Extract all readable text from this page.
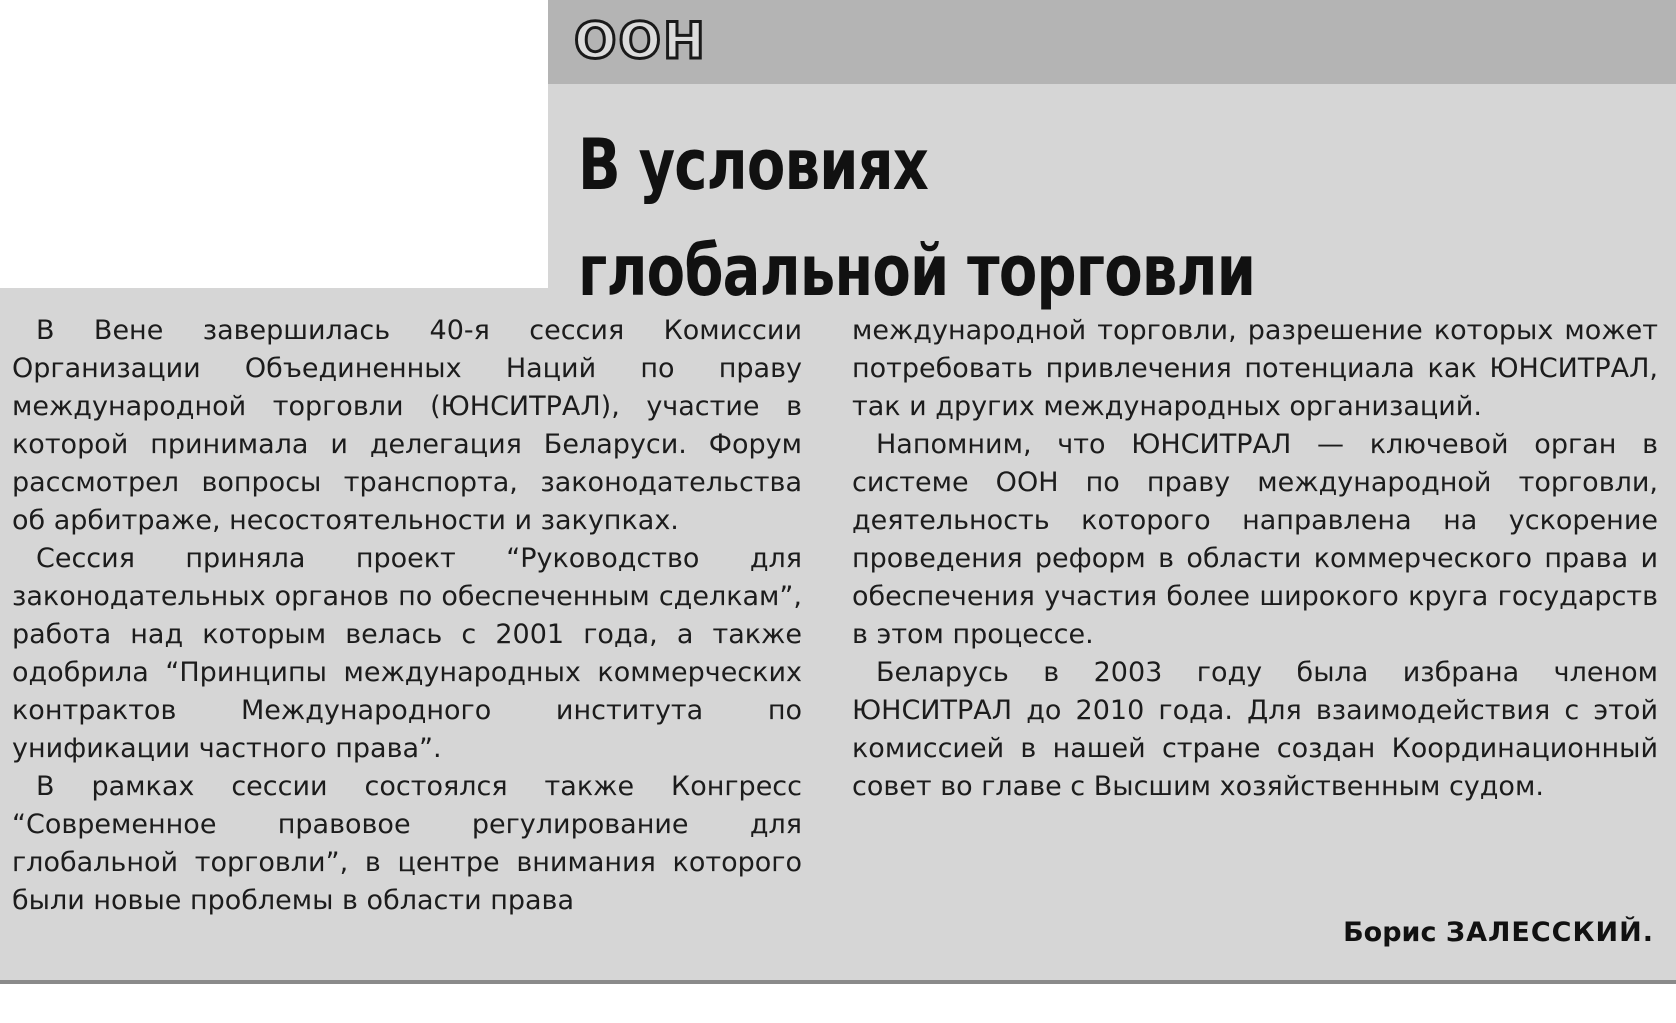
ООН
В условиях
глобальной торговли

В Вене завершилась 40-я сессия Комиссии Организации Объединенных Наций по праву международной торговли (ЮНСИТРАЛ), участие в которой принимала и делегация Беларуси. Форум рассмотрел вопросы транспорта, законодательства об арбитраже, несостоятельности и закупках.

Сессия приняла проект “Руководство для законодательных органов по обеспеченным сделкам”, работа над которым велась с 2001 года, а также одобрила “Принципы международных коммерческих контрактов Международного института по унификации частного права”.

В рамках сессии состоялся также Конгресс “Современное правовое регулирование для глобальной торговли”, в центре внимания которого были новые проблемы в области права

международной торговли, разрешение которых может потребовать привлечения потенциала как ЮНСИТРАЛ, так и других международных организаций.

Напомним, что ЮНСИТРАЛ — ключевой орган в системе ООН по праву международной торговли, деятельность которого направлена на ускорение проведения реформ в области коммерческого права и обеспечения участия более широкого круга государств в этом процессе.

Беларусь в 2003 году была избрана членом ЮНСИТРАЛ до 2010 года. Для взаимодействия с этой комиссией в нашей стране создан Координационный совет во главе с Высшим хозяйственным судом.

Борис ЗАЛЕССКИЙ.
